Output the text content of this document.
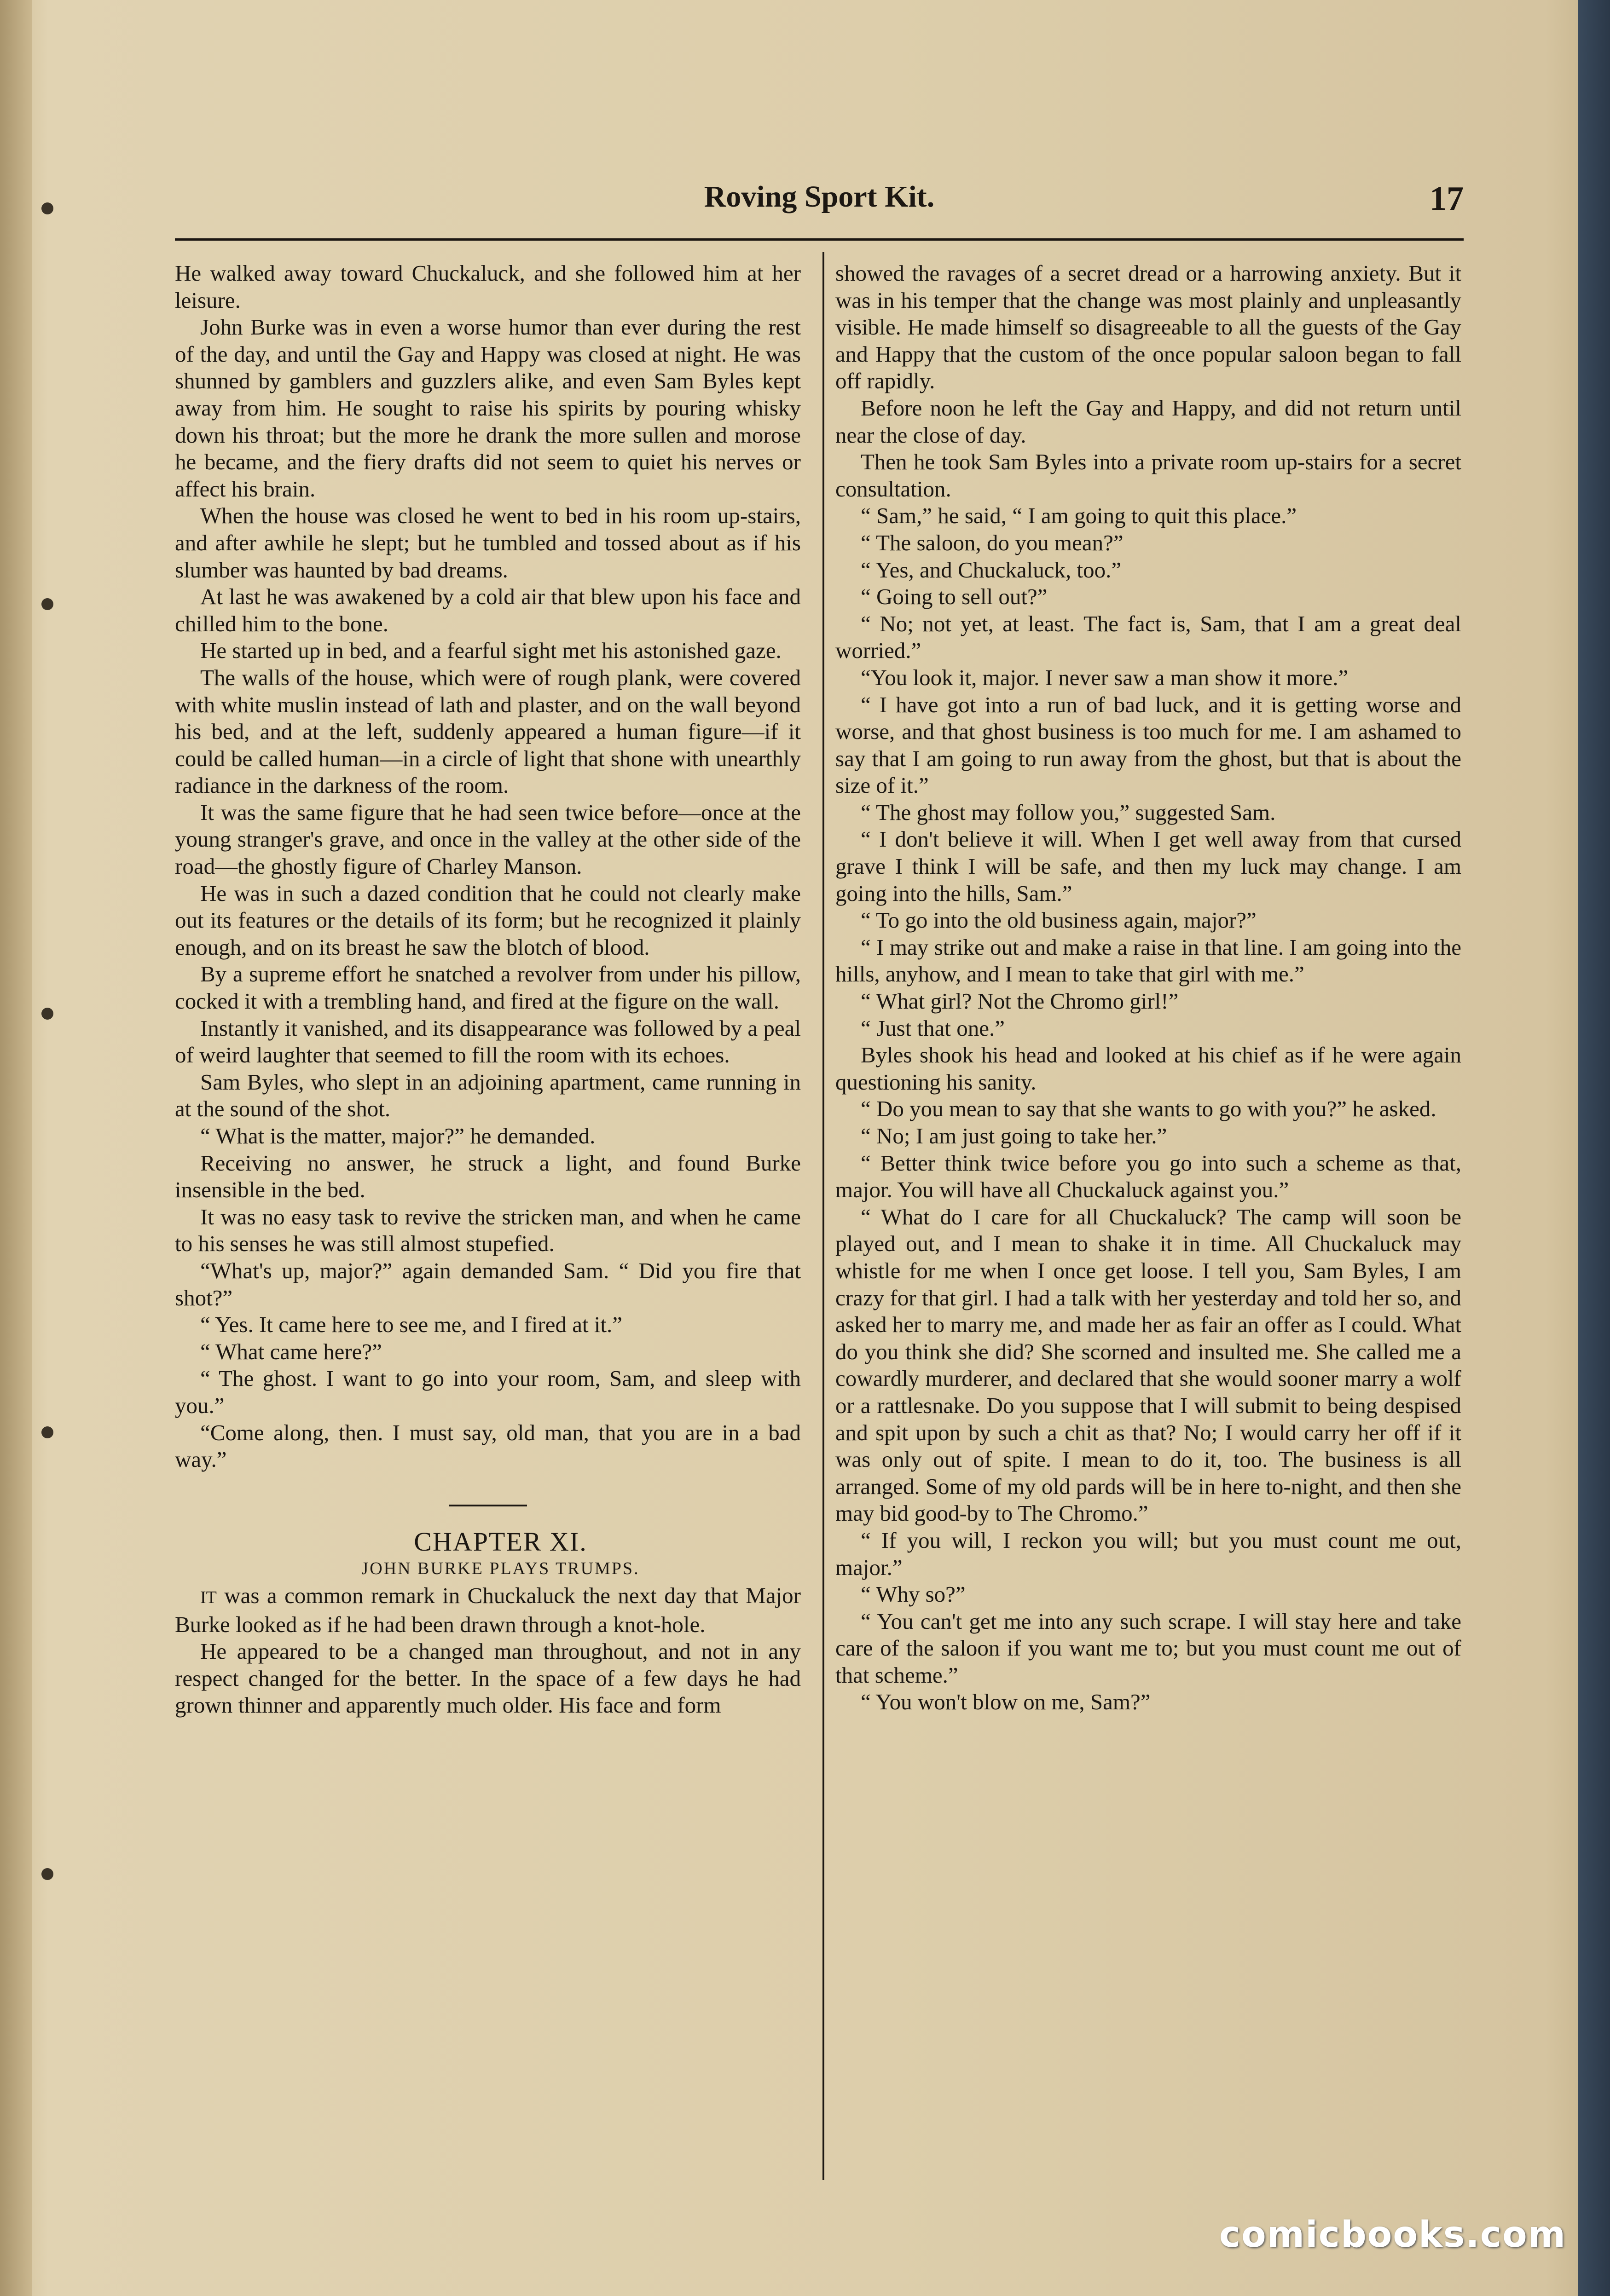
Roving Sport Kit.	17

He walked away toward Chuckaluck, and she followed him at her leisure.

John Burke was in even a worse humor than ever during the rest of the day, and until the Gay and Happy was closed at night. He was shunned by gamblers and guzzlers alike, and even Sam Byles kept away from him. He sought to raise his spirits by pouring whisky down his throat; but the more he drank the more sullen and morose he became, and the fiery drafts did not seem to quiet his nerves or affect his brain.

When the house was closed he went to bed in his room up-stairs, and after awhile he slept; but he tumbled and tossed about as if his slumber was haunted by bad dreams.

At last he was awakened by a cold air that blew upon his face and chilled him to the bone.

He started up in bed, and a fearful sight met his astonished gaze.

The walls of the house, which were of rough plank, were covered with white muslin instead of lath and plaster, and on the wall beyond his bed, and at the left, suddenly appeared a human figure—if it could be called human—in a circle of light that shone with unearthly radiance in the darkness of the room.

It was the same figure that he had seen twice before—once at the young stranger's grave, and once in the valley at the other side of the road—the ghostly figure of Charley Manson.

He was in such a dazed condition that he could not clearly make out its features or the details of its form; but he recognized it plainly enough, and on its breast he saw the blotch of blood.

By a supreme effort he snatched a revolver from under his pillow, cocked it with a trembling hand, and fired at the figure on the wall.

Instantly it vanished, and its disappearance was followed by a peal of weird laughter that seemed to fill the room with its echoes.

Sam Byles, who slept in an adjoining apartment, came running in at the sound of the shot.

“ What is the matter, major?” he demanded.

Receiving no answer, he struck a light, and found Burke insensible in the bed.

It was no easy task to revive the stricken man, and when he came to his senses he was still almost stupefied.

“What's up, major?” again demanded Sam. “ Did you fire that shot?”

“ Yes. It came here to see me, and I fired at it.”

“ What came here?”

“ The ghost. I want to go into your room, Sam, and sleep with you.”

“Come along, then. I must say, old man, that you are in a bad way.”

CHAPTER XI.

JOHN BURKE PLAYS TRUMPS.

IT was a common remark in Chuckaluck the next day that Major Burke looked as if he had been drawn through a knot-hole.

He appeared to be a changed man throughout, and not in any respect changed for the better. In the space of a few days he had grown thinner and apparently much older. His face and form

showed the ravages of a secret dread or a harrowing anxiety. But it was in his temper that the change was most plainly and unpleasantly visible. He made himself so disagreeable to all the guests of the Gay and Happy that the custom of the once popular saloon began to fall off rapidly.

Before noon he left the Gay and Happy, and did not return until near the close of day.

Then he took Sam Byles into a private room up-stairs for a secret consultation.

“ Sam,” he said, “ I am going to quit this place.”

“ The saloon, do you mean?”

“ Yes, and Chuckaluck, too.”

“ Going to sell out?”

“ No; not yet, at least. The fact is, Sam, that I am a great deal worried.”

“You look it, major. I never saw a man show it more.”

“ I have got into a run of bad luck, and it is getting worse and worse, and that ghost business is too much for me. I am ashamed to say that I am going to run away from the ghost, but that is about the size of it.”

“ The ghost may follow you,” suggested Sam.

“ I don't believe it will. When I get well away from that cursed grave I think I will be safe, and then my luck may change. I am going into the hills, Sam.”

“ To go into the old business again, major?”

“ I may strike out and make a raise in that line. I am going into the hills, anyhow, and I mean to take that girl with me.”

“ What girl? Not the Chromo girl!”

“ Just that one.”

Byles shook his head and looked at his chief as if he were again questioning his sanity.

“ Do you mean to say that she wants to go with you?” he asked.

“ No; I am just going to take her.”

“ Better think twice before you go into such a scheme as that, major. You will have all Chuckaluck against you.”

“ What do I care for all Chuckaluck? The camp will soon be played out, and I mean to shake it in time. All Chuckaluck may whistle for me when I once get loose. I tell you, Sam Byles, I am crazy for that girl. I had a talk with her yesterday and told her so, and asked her to marry me, and made her as fair an offer as I could. What do you think she did? She scorned and insulted me. She called me a cowardly murderer, and declared that she would sooner marry a wolf or a rattlesnake. Do you suppose that I will submit to being despised and spit upon by such a chit as that? No; I would carry her off if it was only out of spite. I mean to do it, too. The business is all arranged. Some of my old pards will be in here to-night, and then she may bid good-by to The Chromo.”

“ If you will, I reckon you will; but you must count me out, major.”

“ Why so?”

“ You can't get me into any such scrape. I will stay here and take care of the saloon if you want me to; but you must count me out of that scheme.”

“ You won't blow on me, Sam?”

comicbooks.com
